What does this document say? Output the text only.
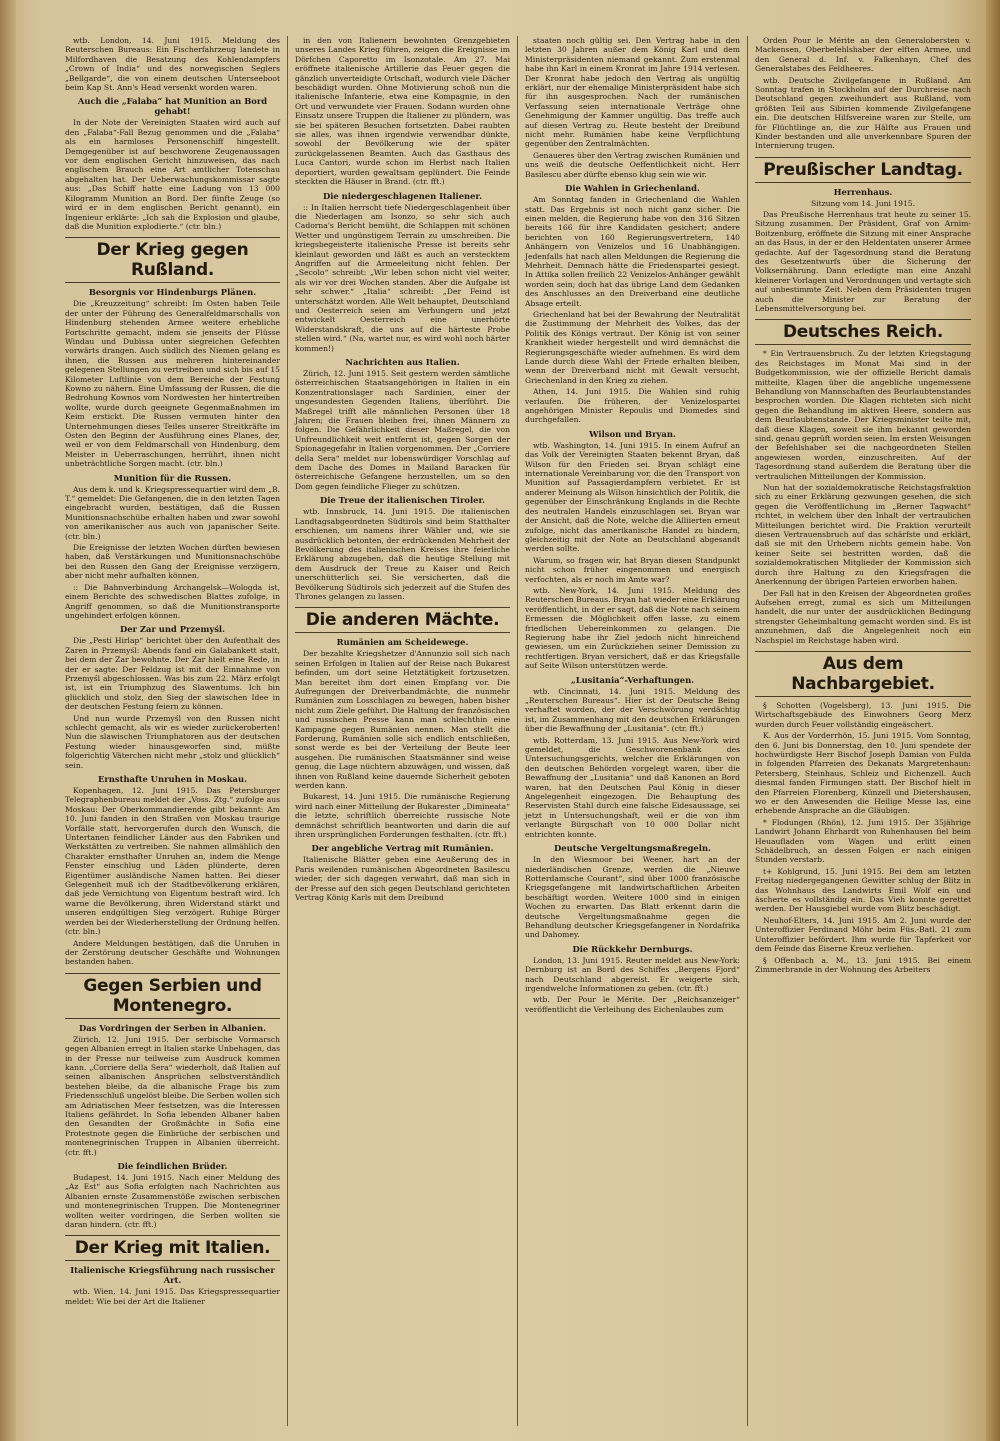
wtb. London, 14. Juni 1915. Meldung des Reuterschen Bureaus: Ein Fischerfahrzeug landete in Milfordhaven die Besatzung des Kohlendampfers „Crown of India“ und des norwegischen Seglers „Bellgarde“, die von einem deutschen Unterseeboot beim Kap St. Ann's Head versenkt worden waren.

Auch die „Falaba“ hat Munition an Bord gehabt!

In der Note der Vereinigten Staaten wird auch auf den „Falaba“-Fall Bezug genommen und die „Falaba“ als ein harmloses Personenschiff hingestellt. Demgegenüber ist auf beschworene Zeugenaussagen vor dem englischen Gericht hinzuweisen, das nach englischem Brauch eine Art amtlicher Totenschau abgehalten hat. Der Ueberwachungskommissar sagte aus: „Das Schiff hatte eine Ladung von 13 000 Kilogramm Munition an Bord. Der fünfte Zeuge (so wird er in dem englischen Bericht genannt), ein Ingenieur erklärte: „Ich sah die Explosion und glaube, daß die Munition explodierte.“ (ctr. bln.)

Der Krieg gegen Rußland.
Besorgnis vor Hindenburgs Plänen.

Die „Kreuzzeitung“ schreibt: Im Osten haben Teile der unter der Führung des Generalfeldmarschalls von Hindenburg stehenden Armee weitere erhebliche Fortschritte gemacht, indem sie jenseits der Flüsse Windau und Dubissa unter siegreichen Gefechten vorwärts drangen. Auch südlich des Niemen gelang es ihnen, die Russen aus mehreren hintereinander gelegenen Stellungen zu vertreiben und sich bis auf 15 Kilometer Luftlinie von dem Bereiche der Festung Kowno zu nähern. Eine Umfassung der Russen, die die Bedrohung Kownos vom Nordwesten her hintertreiben wollte, wurde durch geeignete Gegenmaßnahmen im Keim erstickt. Die Russen vermuten hinter den Unternehmungen dieses Teiles unserer Streitkräfte im Osten den Beginn der Ausführung eines Planes, der, weil er von dem Feldmarschall von Hindenburg, dem Meister in Ueberraschungen, herrührt, ihnen nicht unbeträchtliche Sorgen macht. (ctr. bln.)

Munition für die Russen.

Aus dem k. und k. Kriegspressequartier wird dem „B. T.“ gemeldet: Die Gefangenen, die in den letzten Tagen eingebracht wurden, bestätigen, daß die Russen Munitionsnachschübe erhalten haben und zwar sowohl von amerikanischer aus auch von japanischer Seite. (ctr. bln.)

Die Ereignisse der letzten Wochen dürften bewiesen haben, daß Verstärkungen und Munitionsnachschübe bei den Russen den Gang der Ereignisse verzögern, aber nicht mehr aufhalten können.

:: Die Bahnverbindung Archangelsk—Wologda ist, einem Berichte des schwedischen Blattes zufolge, in Angriff genommen, so daß die Munitionstransporte ungehindert erfolgen können.

Der Zar und Przemyśl.

Die „Pesti Hirlap“ berichtet über den Aufenthalt des Zaren in Przemyśl: Abends fand ein Galabankett statt, bei dem der Zar bewohnte. Der Zar hielt eine Rede, in der er sagte: Der Feldzug ist mit der Einnahme von Przemyśl abgeschlossen. Was bis zum 22. März erfolgt ist, ist ein Triumphzug des Slawentums. Ich bin glücklich und stolz, den Sieg der slawischen Idee in der deutschen Festung feiern zu können.

Und nun wurde Przemyśl von den Russen nicht schlecht gemacht, als wir es wieder zurückeroberten! Nun die slawischen Triumphatoren aus der deutschen Festung wieder hinausgeworfen sind, müßte folgerichtig Väterchen nicht mehr „stolz und glücklich“ sein.

Ernsthafte Unruhen in Moskau.

Kopenhagen, 12. Juni 1915. Das Petersburger Telegraphenbureau meldet der „Voss. Ztg.“ zufolge aus Moskau: Der Oberkommandierende gibt bekannt: Am 10. Juni fanden in den Straßen von Moskau traurige Vorfälle statt, hervorgerufen durch den Wunsch, die Untertanen feindlicher Länder aus den Fabriken und Werkstätten zu vertreiben. Sie nahmen allmählich den Charakter ernsthafter Unruhen an, indem die Menge Fenster einschlug und Läden plünderte, deren Eigentümer ausländische Namen hatten. Bei dieser Gelegenheit muß ich der Stadtbevölkerung erklären, daß jede Vernichtung von Eigentum bestraft wird. Ich warne die Bevölkerung, ihren Widerstand stärkt und unseren endgültigen Sieg verzögert. Ruhige Bürger werden bei der Wiederherstellung der Ordnung helfen. (ctr. bln.)

Andere Meldungen bestätigen, daß die Unruhen in der Zerstörung deutscher Geschäfte und Wohnungen bestanden haben.

Gegen Serbien und Montenegro.
Das Vordringen der Serben in Albanien.

Zürich, 12. Juni 1915. Der serbische Vormarsch gegen Albanien erregt in Italien starke Unbehagen, das in der Presse nur teilweise zum Ausdruck kommen kann. „Corriere della Sera“ wiederholt, daß Italien auf seinen albanischen Ansprüchen selbstverständlich bestehen bleibe, da die albanische Frage bis zum Friedensschluß ungelöst bleibe. Die Serben wollen sich am Adriatischen Meer festsetzen, was die Interessen Italiens gefährdet. In Sofia lebenden Albaner haben den Gesandten der Großmächte in Sofia eine Protestnote gegen die Einbrüche der serbischen und montenegrinischen Truppen in Albanien überreicht. (ctr. fft.)

Die feindlichen Brüder.

Budapest, 14. Juni 1915. Nach einer Meldung des „Az Est“ aus Sofia erfolgten nach Nachrichten aus Albanien ernste Zusammenstöße zwischen serbischen und montenegrinischen Truppen. Die Montenegriner wollten weiter vordringen, die Serben wollten sie daran hindern. (ctr. fft.)

Der Krieg mit Italien.
Italienische Kriegsführung nach russischer Art.

wtb. Wien, 14. Juni 1915. Das Kriegspressequartier meldet: Wie bei der Art die Italiener

in den von Italienern bewohnten Grenzgebieten unseres Landes Krieg führen, zeigen die Ereignisse im Dörfchen Caporetto im Isonzotale. Am 27. Mai eröffnete italienische Artillerie das Feuer gegen die gänzlich unverteidigte Ortschaft, wodurch viele Dächer beschädigt wurden. Ohne Motivierung schoß nun die italienische Infanterie, etwa eine Kompagnie, in den Ort und verwundete vier Frauen. Sodann wurden ohne Einsatz unsere Truppen die Italiener zu plündern, was sie bei späteren Besuchen fortsetzten. Dabei raubten sie alles, was ihnen irgendwie verwendbar dünkte, sowohl der Bevölkerung wie der später zurückgelassenen Beamten. Auch das Gasthaus des Luca Cantori, wurde schon im Herbst nach Italien deportiert, wurden gewaltsam geplündert. Die Feinde steckten die Häuser in Brand. (ctr. fft.)

Die niedergeschlagenen Italiener.

:: In Italien herrscht tiefe Niedergeschlagenheit über die Niederlagen am Isonzo, so sehr sich auch Cadorna's Bericht bemüht, die Schlappen mit schönen Wetter und ungünstigem Terrain zu umschreiben. Die kriegsbegeisterte italienische Presse ist bereits sehr kleinlaut geworden und läßt es auch an verstecktem Angriffen auf die Armeeleitung nicht fehlen. Der „Secolo“ schreibt: „Wir leben schon nicht viel weiter, als wir vor drei Wochen standen. Aber die Aufgabe ist sehr schwer.“ „Italia“ schreibt: „Der Feind ist unterschätzt worden. Alle Welt behauptet, Deutschland und Oesterreich seien am Verhungern und jetzt entwickelt Oesterreich eine unerhörte Widerstandskraft, die uns auf die härteste Probe stellen wird.“ (Na, wartet nur, es wird wohl noch härter kommen!)

Nachrichten aus Italien.

Zürich, 12. Juni 1915. Seit gestern werden sämtliche österreichischen Staatsangehörigen in Italien in ein Konzentrationslager nach Sardinien, einer der ungesundesten Gegenden Italiens, überführt. Die Maßregel trifft alle männlichen Personen über 18 Jahren; die Frauen bleiben frei, ihnen Männern zu folgen. Die Gefährlichkeit dieser Maßregel, die von Unfreundlichkeit weit entfernt ist, gegen Sorgen der Spionagegefahr in Italien vorgenommen. Der „Corriere della Sera“ meldet nur lobenswürdiger Vorschlag auf dem Dache des Domes in Mailand Baracken für österreichische Gefangene herzustellen, um so den Dom gegen feindliche Flieger zu schützen.

Die Treue der italienischen Tiroler.

wtb. Innsbruck, 14. Juni 1915. Die italienischen Landtagsabgeordneten Südtirols sind beim Statthalter erschienen, um namens ihrer Wähler und, wie sie ausdrücklich betonten, der erdrückenden Mehrheit der Bevölkerung des italienischen Kreises ihre feierliche Erklärung abzugeben, daß die heutige Stellung mit dem Ausdruck der Treue zu Kaiser und Reich unerschütterlich sei. Sie versicherten, daß die Bevölkerung Südtirols sich jederzeit auf die Stufen des Thrones gelangen zu lassen.

Die anderen Mächte.
Rumänien am Scheidewege.

Der bezahlte Kriegshetzer d'Annunzio soll sich nach seinen Erfolgen in Italien auf der Reise nach Bukarest befinden, um dort seine Hetztätigkeit fortzusetzen. Man bereitet ihm dort einen Empfang vor. Die Aufregungen der Dreiverbandmächte, die nunmehr Rumänien zum Losschlagen zu bewegen, haben bisher nicht zum Ziele geführt. Die Haltung der französischen und russischen Presse kann man schlechthin eine Kampagne gegen Rumänien nennen. Man stellt die Forderung, Rumänien solle sich endlich entschließen, sonst werde es bei der Verteilung der Beute leer ausgehen. Die rumänischen Staatsmänner sind weise genug, die Lage nüchtern abzuwägen, und wissen, daß ihnen von Rußland keine dauernde Sicherheit geboten werden kann.

Bukarest, 14. Juni 1915. Die rumänische Regierung wird nach einer Mitteilung der Bukarester „Dimineata“ die letzte, schriftlich überreichte russische Note demnächst schriftlich beantworten und darin die auf ihren ursprünglichen Forderungen festhalten. (ctr. fft.)

Der angebliche Vertrag mit Rumänien.

Italienische Blätter geben eine Aeußerung des in Paris weilenden rumänischen Abgeordneten Basilescu wieder, der sich dagegen verwahrt, daß man sich in der Presse auf den sich gegen Deutschland gerichteten Vertrag König Karls mit dem Dreibund

staaten noch gültig sei. Den Vertrag habe in den letzten 30 Jahren außer dem König Karl und dem Ministerpräsidenten niemand gekannt. Zum erstenmal habe ihn Karl in einem Kronrat im Jahre 1914 verlesen. Der Kronrat habe jedoch den Vertrag als ungültig erklärt, nur der ehemalige Ministerpräsident habe sich für ihn ausgesprochen. Nach der rumänischen Verfassung seien internationale Verträge ohne Genehmigung der Kammer ungültig. Das treffe auch auf diesen Vertrag zu. Heute besteht der Dreibund nicht mehr. Rumänien habe keine Verpflichtung gegenüber den Zentralmächten.

Genaueres über den Vertrag zwischen Rumänien und uns weiß die deutsche Oeffentlichkeit nicht. Herr Basilescu aber dürfte ebenso klug sein wie wir.

Die Wahlen in Griechenland.

Am Sonntag fanden in Griechenland die Wahlen statt. Das Ergebnis ist noch nicht ganz sicher. Die einen melden, die Regierung habe von den 316 Sitzen bereits 166 für ihre Kandidaten gesichert; andere berichten von 160 Regierungsvertretern, 140 Anhängern von Venizelos und 16 Unabhängigen. Jedenfalls hat nach allen Meldungen die Regierung die Mehrheit. Demnach hätte die Friedenspartei gesiegt. In Attika sollen freilich 22 Venizelos-Anhänger gewählt worden sein; doch hat das übrige Land dem Gedanken des Anschlusses an den Dreiverband eine deutliche Absage erteilt.

Griechenland hat bei der Bewahrung der Neutralität die Zustimmung der Mehrheit des Volkes, das der Politik des Königs vertraut. Der König ist von seiner Krankheit wieder hergestellt und wird demnächst die Regierungsgeschäfte wieder aufnehmen. Es wird dem Lande durch diese Wahl der Friede erhalten bleiben, wenn der Dreiverband nicht mit Gewalt versucht, Griechenland in den Krieg zu ziehen.

Athen, 14. Juni 1915. Die Wahlen sind ruhig verlaufen. Die früheren, der Venizelospartei angehörigen Minister Repoulis und Diomedes sind durchgefallen.

Wilson und Bryan.

wtb. Washington, 14. Juni 1915. In einem Aufruf an das Volk der Vereinigten Staaten bekennt Bryan, daß Wilson für den Frieden sei. Bryan schlägt eine internationale Vereinbarung vor, die den Transport von Munition auf Passagierdampfern verbietet. Er ist anderer Meinung als Wilson hinsichtlich der Politik, die gegenüber der Einschränkung Englands in die Rechte des neutralen Handels einzuschlagen sei. Bryan war der Ansicht, daß die Note, welche die Alliierten erneut zufolge, nicht das amerikanische Handel zu hindern, gleichzeitig mit der Note an Deutschland abgesandt werden sollte.

Warum, so fragen wir, hat Bryan diesen Standpunkt nicht schon früher eingenommen und energisch verfochten, als er noch im Amte war?

wtb. New-York, 14. Juni 1915. Meldung des Reuterschen Bureaus. Bryan hat wieder eine Erklärung veröffentlicht, in der er sagt, daß die Note nach seinem Ermessen die Möglichkeit offen lasse, zu einem friedlichen Uebereinkommen zu gelangen. Die Regierung habe ihr Ziel jedoch nicht hinreichend gewiesen, um ein Zurückziehen seiner Demission zu rechtfertigen. Bryan versichert, daß er das Kriegsfalle auf Seite Wilson unterstützen werde.

„Lusitania“-Verhaftungen.

wtb. Cincinnati, 14. Juni 1915. Meldung des „Reuterschen Bureaus“. Hier ist der Deutsche Being verhaftet worden, der der Verschwörung verdächtig ist, im Zusammenhang mit den deutschen Erklärungen über die Bewaffnung der „Lusitania“. (ctr. fft.)

wtb. Rotterdam, 13. Juni 1915. Aus New-York wird gemeldet, die Geschworenenbank des Untersuchungsgerichts, welcher die Erklärungen von den deutschen Behörden vorgelegt waren, über die Bewaffnung der „Lusitania“ und daß Kanonen an Bord waren, hat den Deutschen Paul König in dieser Angelegenheit eingezogen. Die Behauptung des Reservisten Stahl durch eine falsche Eidesaussage, sei jetzt in Untersuchungshaft, weil er die von ihm verlangte Bürgschaft von 10 000 Dollar nicht entrichten konnte.

Deutsche Vergeltungsmaßregeln.

In den Wiesmoor bei Weener, hart an der niederländischen Grenze, werden die „Nieuwe Rotterdamsche Courant“, sind über 1000 französische Kriegsgefangene mit landwirtschaftlichen Arbeiten beschäftigt worden. Weitere 1000 sind in einigen Wochen zu erwarten. Das Blatt erkennt darin die deutsche Vergeltungsmaßnahme gegen die Behandlung deutscher Kriegsgefangener in Nordafrika und Dahomey.

Die Rückkehr Dernburgs.

London, 13. Juni 1915. Reuter meldet aus New-York: Dernburg ist an Bord des Schiffes „Bergens Fjord“ nach Deutschland abgereist. Er weigerte sich, irgendwelche Informationen zu geben. (ctr. fft.)

wtb. Der Pour le Mérite. Der „Reichsanzeiger“ veröffentlicht die Verleihung des Eichenlaubes zum

Orden Pour le Mérite an den Generalobersten v. Mackensen, Oberbefehlshaber der elften Armee, und den General d. Inf. v. Falkenhayn, Chef des Generalstabes des Feldheeres.

wtb. Deutsche Zivilgefangene in Rußland. Am Sonntag trafen in Stockholm auf der Durchreise nach Deutschland gegen zweihundert aus Rußland, vom größten Teil aus Sibirien kommende Zivilgefangene ein. Die deutschen Hilfsvereine waren zur Stelle, um für Flüchtlinge an, die zur Hälfte aus Frauen und Kinder bestanden und alle unverkennbare Spuren der Internierung trugen.

Preußischer Landtag.
Herrenhaus.
Sitzung vom 14. Juni 1915.

Das Preußische Herrenhaus trat heute zu seiner 15. Sitzung zusammen. Der Präsident, Graf von Arnim-Boitzenburg, eröffnete die Sitzung mit einer Ansprache an das Haus, in der er den Heldentaten unserer Armee gedachte. Auf der Tagesordnung stand die Beratung des Gesetzentwurfs über die Sicherung der Volksernährung. Dann erledigte man eine Anzahl kleinerer Vorlagen und Verordnungen und vertagte sich auf unbestimmte Zeit. Neben dem Präsidenten trugen auch die Minister zur Beratung der Lebensmittelversorgung bei.

Deutsches Reich.

* Ein Vertrauensbruch. Zu der letzten Kriegstagung des Reichstages im Monat Mai sind in der Budgetkommission, wie der offizielle Bericht damals mitteilte, Klagen über die angebliche ungemessene Behandlung von Mannschaften des Beurlaubtenstandes besprochen worden. Die Klagen richteten sich nicht gegen die Behandlung im aktiven Heere, sondern aus dem Beurlaubtenstande. Der Kriegsminister teilte mit, daß diese Klagen, soweit sie ihm bekannt geworden sind, genau geprüft worden seien. Im ersten Weisungen der Befehlshaber sei die nachgeordneten Stellen angewiesen worden, einzuschreiten. Auf der Tagesordnung stand außerdem die Beratung über die vertraulichen Mitteilungen der Kommission.

Nun hat der sozialdemokratische Reichstagsfraktion sich zu einer Erklärung gezwungen gesehen, die sich gegen die Veröffentlichung im „Berner Tagwacht“ richtet, in welchem über den Inhalt der vertraulichen Mitteilungen berichtet wird. Die Fraktion verurteilt diesen Vertrauensbruch auf das schärfste und erklärt, daß sie mit den Urhebern nichts gemein habe. Von keiner Seite sei bestritten worden, daß die sozialdemokratischen Mitglieder der Kommission sich durch ihre Haltung zu den Kriegsfragen die Anerkennung der übrigen Parteien erworben haben.

Der Fall hat in den Kreisen der Abgeordneten großes Aufsehen erregt, zumal es sich um Mitteilungen handelt, die nur unter der ausdrücklichen Bedingung strengster Geheimhaltung gemacht worden sind. Es ist anzunehmen, daß die Angelegenheit noch ein Nachspiel im Reichstage haben wird.

Aus dem Nachbargebiet.

§ Schotten (Vogelsberg), 13. Juni 1915. Die Wirtschaftsgebäude des Einwohners Georg Merz wurden durch Feuer vollständig eingeäschert.

K. Aus der Vorderrhön, 15. Juni 1915. Vom Sonntag, den 6. Juni bis Donnerstag, den 10. Juni spendete der hochwürdigste Herr Bischof Joseph Damian von Fulda in folgenden Pfarreien des Dekanats Margretenhaun: Petersberg, Steinhaus, Schleiz und Eichenzell. Auch diesmal fanden Firmungen statt. Der Bischof hielt in den Pfarreien Florenberg, Künzell und Dietershausen, wo er den Anwesenden die Heilige Messe las, eine erhebende Ansprache an die Gläubigen.

* Flodungen (Rhön), 12. Juni 1915. Der 35jährige Landwirt Johann Ehrhardt von Ruhenhausen fiel beim Heuaufladen vom Wagen und erlitt einen Schädelbruch, an dessen Folgen er nach einigen Stunden verstarb.

t+ Kohlgrund, 15. Juni 1915. Bei dem am letzten Freitag niedergegangenen Gewitter schlug der Blitz in das Wohnhaus des Landwirts Emil Wolf ein und äscherte es vollständig ein. Das Vieh konnte gerettet werden. Der Hausgiebel wurde vom Blitz beschädigt.

Neuhof-Elters, 14. Juni 1915. Am 2. Juni wurde der Unteroffizier Ferdinand Möhr beim Füs.-Batl. 21 zum Unteroffizier befördert. Ihm wurde für Tapferkeit vor dem Feinde das Eiserne Kreuz verliehen.

§ Offenbach a. M., 13. Juni 1915. Bei einem Zimmerbrande in der Wohnung des Arbeiters
